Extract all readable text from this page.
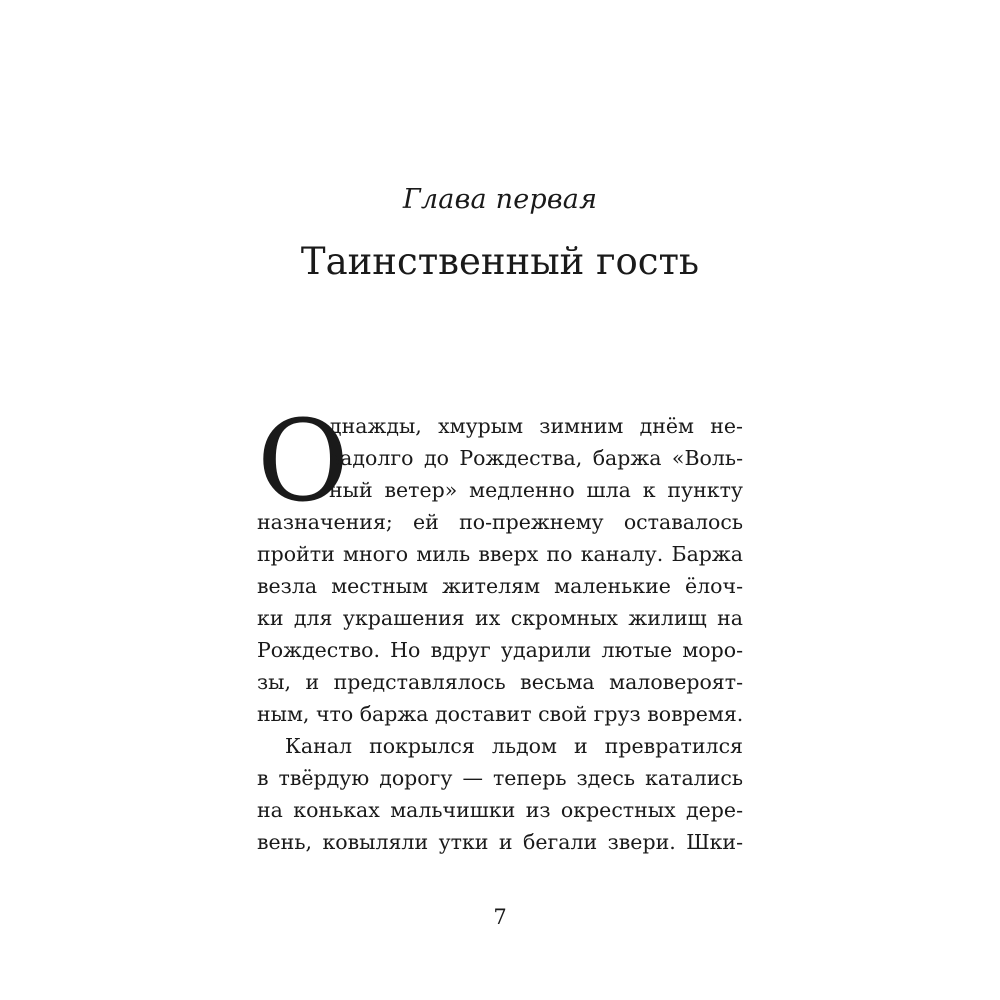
Глава первая
Таинственный гость
О
днажды, хмурым зимним днём не-
задолго до Рождества, баржа «Воль-
ный ветер» медленно шла к пункту
назначения; ей по-прежнему оставалось
пройти много миль вверх по каналу. Баржа
везла местным жителям маленькие ёлоч-
ки для украшения их скромных жилищ на
Рождество. Но вдруг ударили лютые моро-
зы, и представлялось весьма маловероят-
ным, что баржа доставит свой груз вовремя.
Канал покрылся льдом и превратился
в твёрдую дорогу — теперь здесь катались
на коньках мальчишки из окрестных дере-
вень, ковыляли утки и бегали звери. Шки-
7
